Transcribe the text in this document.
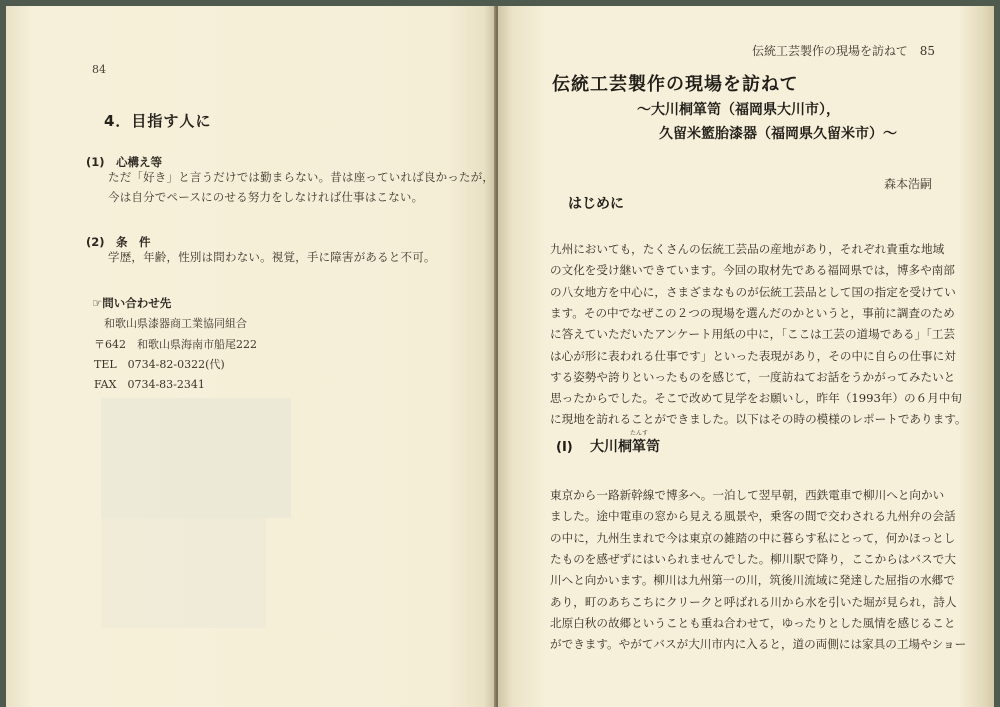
84
4．目指す人に
(1)　心構え等
ただ「好き」と言うだけでは勤まらない。昔は座っていれば良かったが，
今は自分でペースにのせる努力をしなければ仕事はこない。
(2)　条　件
学歴，年齢，性別は問わない。視覚，手に障害があると不可。
☞問い合わせ先
和歌山県漆器商工業協同組合
〒642　和歌山県海南市船尾222
TEL　0734-82-0322(代)
FAX　0734-83-2341
伝統工芸製作の現場を訪ねて　85
伝統工芸製作の現場を訪ねて
～大川桐箪笥（福岡県大川市），
久留米籃胎漆器（福岡県久留米市）～
森本浩嗣
はじめに
九州においても，たくさんの伝統工芸品の産地があり，それぞれ貴重な地域
の文化を受け継いできています。今回の取材先である福岡県では，博多や南部
の八女地方を中心に，さまざまなものが伝統工芸品として国の指定を受けてい
ます。その中でなぜこの２つの現場を選んだのかというと，事前に調査のため
に答えていただいたアンケート用紙の中に，「ここは工芸の道場である」「工芸
は心が形に表われる仕事です」といった表現があり，その中に自らの仕事に対
する姿勢や誇りといったものを感じて，一度訪ねてお話をうかがってみたいと
思ったからでした。そこで改めて見学をお願いし，昨年（1993年）の６月中旬
に現地を訪れることができました。以下はその時の模様のレポートであります。
(Ⅰ)
たんす
大川桐箪笥
東京から一路新幹線で博多へ。一泊して翌早朝，西鉄電車で柳川へと向かい
ました。途中電車の窓から見える風景や，乗客の間で交わされる九州弁の会話
の中に，九州生まれで今は東京の雑踏の中に暮らす私にとって，何かほっとし
たものを感ぜずにはいられませんでした。柳川駅で降り，ここからはバスで大
川へと向かいます。柳川は九州第一の川，筑後川流域に発達した屈指の水郷で
あり，町のあちこちにクリークと呼ばれる川から水を引いた堀が見られ，詩人
北原白秋の故郷ということも重ね合わせて，ゆったりとした風情を感じること
ができます。やがてバスが大川市内に入ると，道の両側には家具の工場やショー
